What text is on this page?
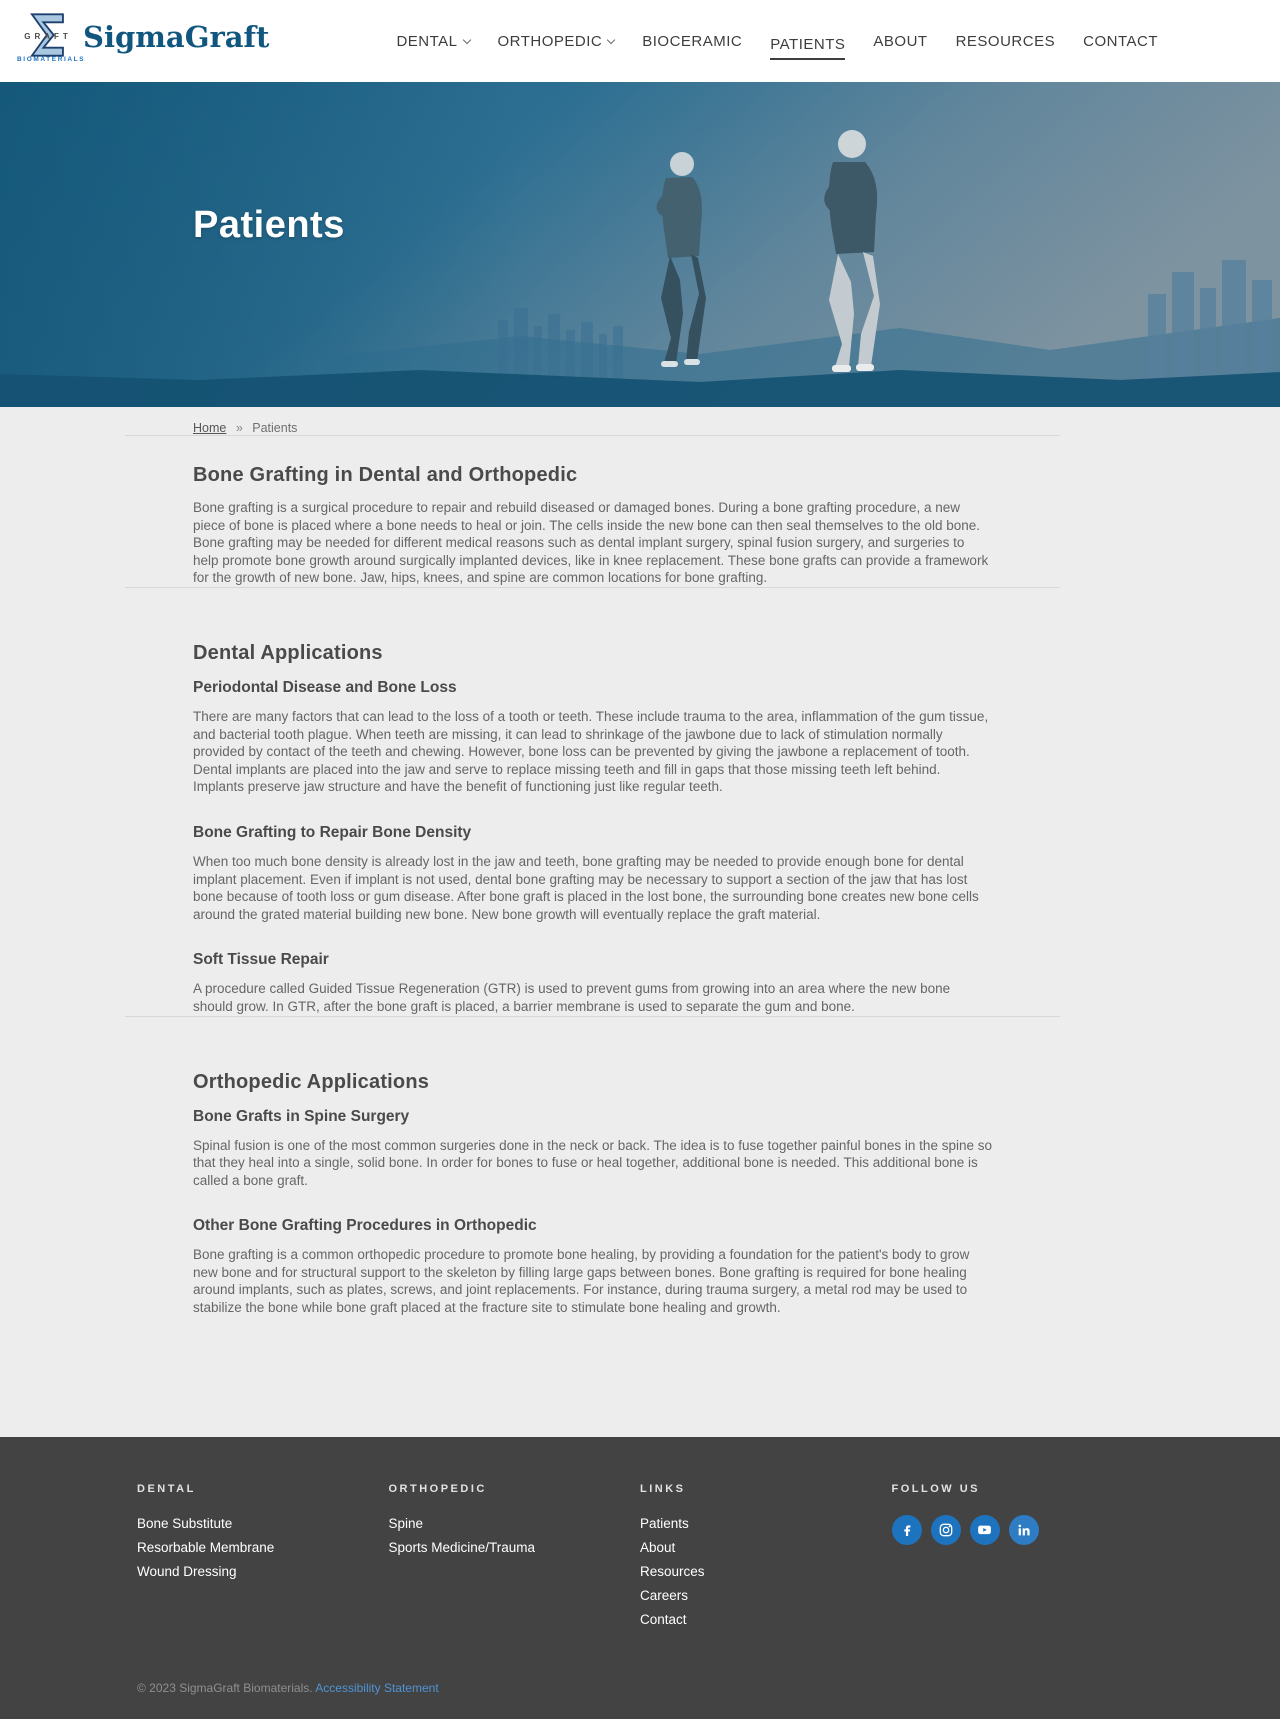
GRAFT
BIOMATERIALS
SigmaGraft	DENTAL	ORTHOPEDIC	BIOCERAMIC PATIENTS ABOUT RESOURCES CONTACT
Patients
Home » Patients
Bone Grafting in Dental and Orthopedic

Bone grafting is a surgical procedure to repair and rebuild diseased or damaged bones. During a bone grafting procedure, a new piece of bone is placed where a bone needs to heal or join. The cells inside the new bone can then seal themselves to the old bone. Bone grafting may be needed for different medical reasons such as dental implant surgery, spinal fusion surgery, and surgeries to help promote bone growth around surgically implanted devices, like in knee replacement. These bone grafts can provide a framework for the growth of new bone. Jaw, hips, knees, and spine are common locations for bone grafting.

Dental Applications
Periodontal Disease and Bone Loss

There are many factors that can lead to the loss of a tooth or teeth. These include trauma to the area, inflammation of the gum tissue, and bacterial tooth plague. When teeth are missing, it can lead to shrinkage of the jawbone due to lack of stimulation normally provided by contact of the teeth and chewing. However, bone loss can be prevented by giving the jawbone a replacement of tooth. Dental implants are placed into the jaw and serve to replace missing teeth and fill in gaps that those missing teeth left behind. Implants preserve jaw structure and have the benefit of functioning just like regular teeth.

Bone Grafting to Repair Bone Density

When too much bone density is already lost in the jaw and teeth, bone grafting may be needed to provide enough bone for dental implant placement. Even if implant is not used, dental bone grafting may be necessary to support a section of the jaw that has lost bone because of tooth loss or gum disease. After bone graft is placed in the lost bone, the surrounding bone creates new bone cells around the grated material building new bone. New bone growth will eventually replace the graft material.

Soft Tissue Repair

A procedure called Guided Tissue Regeneration (GTR) is used to prevent gums from growing into an area where the new bone should grow. In GTR, after the bone graft is placed, a barrier membrane is used to separate the gum and bone.

Orthopedic Applications
Bone Grafts in Spine Surgery

Spinal fusion is one of the most common surgeries done in the neck or back. The idea is to fuse together painful bones in the spine so that they heal into a single, solid bone. In order for bones to fuse or heal together, additional bone is needed. This additional bone is called a bone graft.

Other Bone Grafting Procedures in Orthopedic

Bone grafting is a common orthopedic procedure to promote bone healing, by providing a foundation for the patient's body to grow new bone and for structural support to the skeleton by filling large gaps between bones. Bone grafting is required for bone healing around implants, such as plates, screws, and joint replacements. For instance, during trauma surgery, a metal rod may be used to stabilize the bone while bone graft placed at the fracture site to stimulate bone healing and growth.

DENTAL
Bone Substitute
Resorbable Membrane
Wound Dressing
ORTHOPEDIC
Spine
Sports Medicine/Trauma
LINKS
Patients
About
Resources
Careers
Contact
FOLLOW US
© 2023 SigmaGraft Biomaterials. Accessibility Statement
